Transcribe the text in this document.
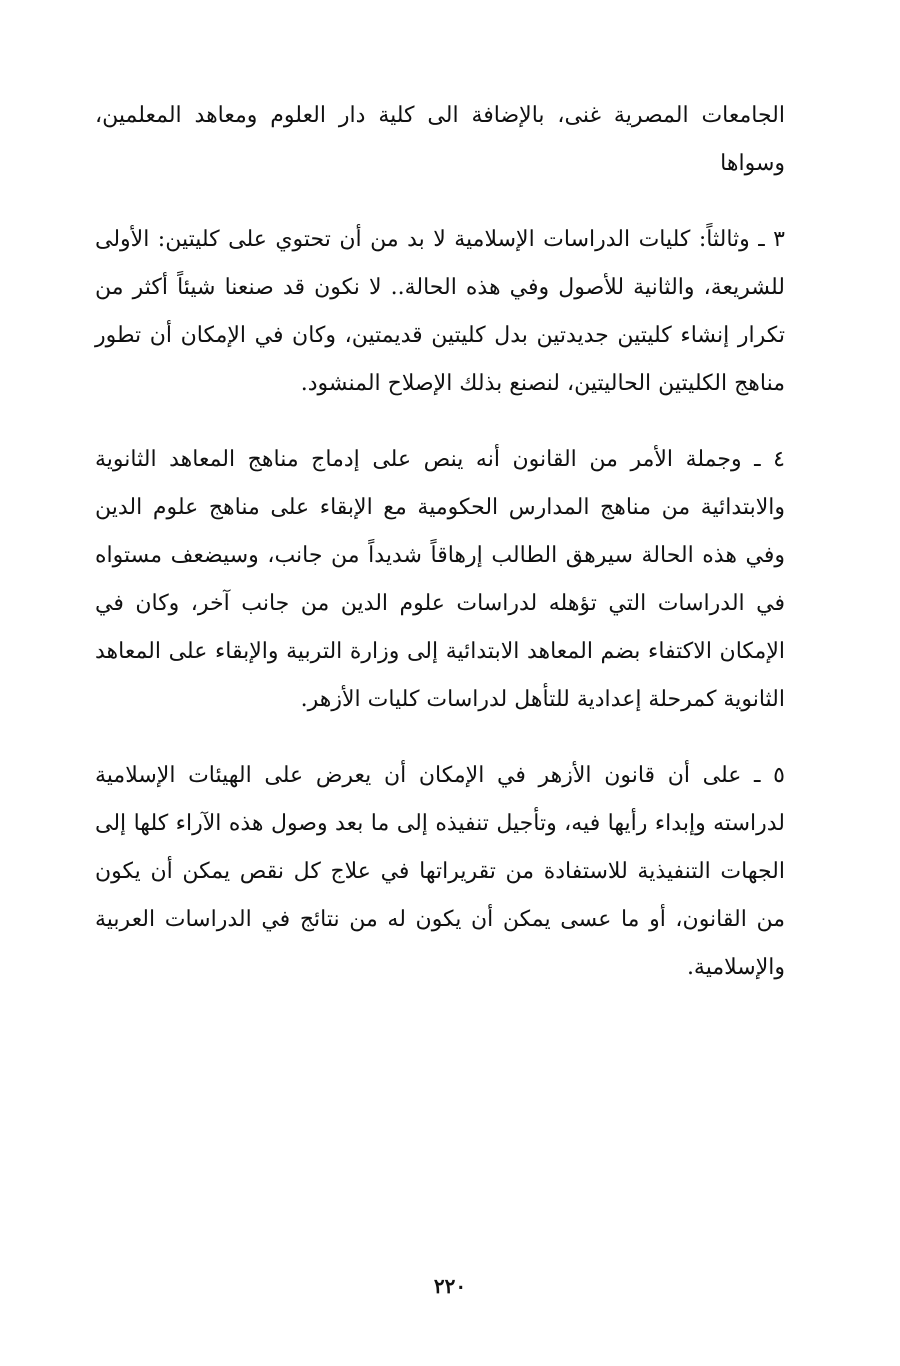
الجامعات المصرية غنى، بالإضافة الى كلية دار العلوم ومعاهد المعلمين، وسواها

٣ ـ وثالثاً: كليات الدراسات الإسلامية لا بد من أن تحتوي على كليتين: الأولى للشريعة، والثانية للأصول وفي هذه الحالة.. لا نكون قد صنعنا شيئاً أكثر من تكرار إنشاء كليتين جديدتين بدل كليتين قديمتين، وكان في الإمكان أن تطور مناهج الكليتين الحاليتين، لنصنع بذلك الإصلاح المنشود.

٤ ـ وجملة الأمر من القانون أنه ينص على إدماج مناهج المعاهد الثانوية والابتدائية من مناهج المدارس الحكومية مع الإبقاء على مناهج علوم الدين وفي هذه الحالة سيرهق الطالب إرهاقاً شديداً من جانب، وسيضعف مستواه في الدراسات التي تؤهله لدراسات علوم الدين من جانب آخر، وكان في الإمكان الاكتفاء بضم المعاهد الابتدائية إلى وزارة التربية والإبقاء على المعاهد الثانوية كمرحلة إعدادية للتأهل لدراسات كليات الأزهر.

٥ ـ على أن قانون الأزهر في الإمكان أن يعرض على الهيئات الإسلامية لدراسته وإبداء رأيها فيه، وتأجيل تنفيذه إلى ما بعد وصول هذه الآراء كلها إلى الجهات التنفيذية للاستفادة من تقريراتها في علاج كل نقص يمكن أن يكون من القانون، أو ما عسى يمكن أن يكون له من نتائج في الدراسات العربية والإسلامية.

٢٢٠
